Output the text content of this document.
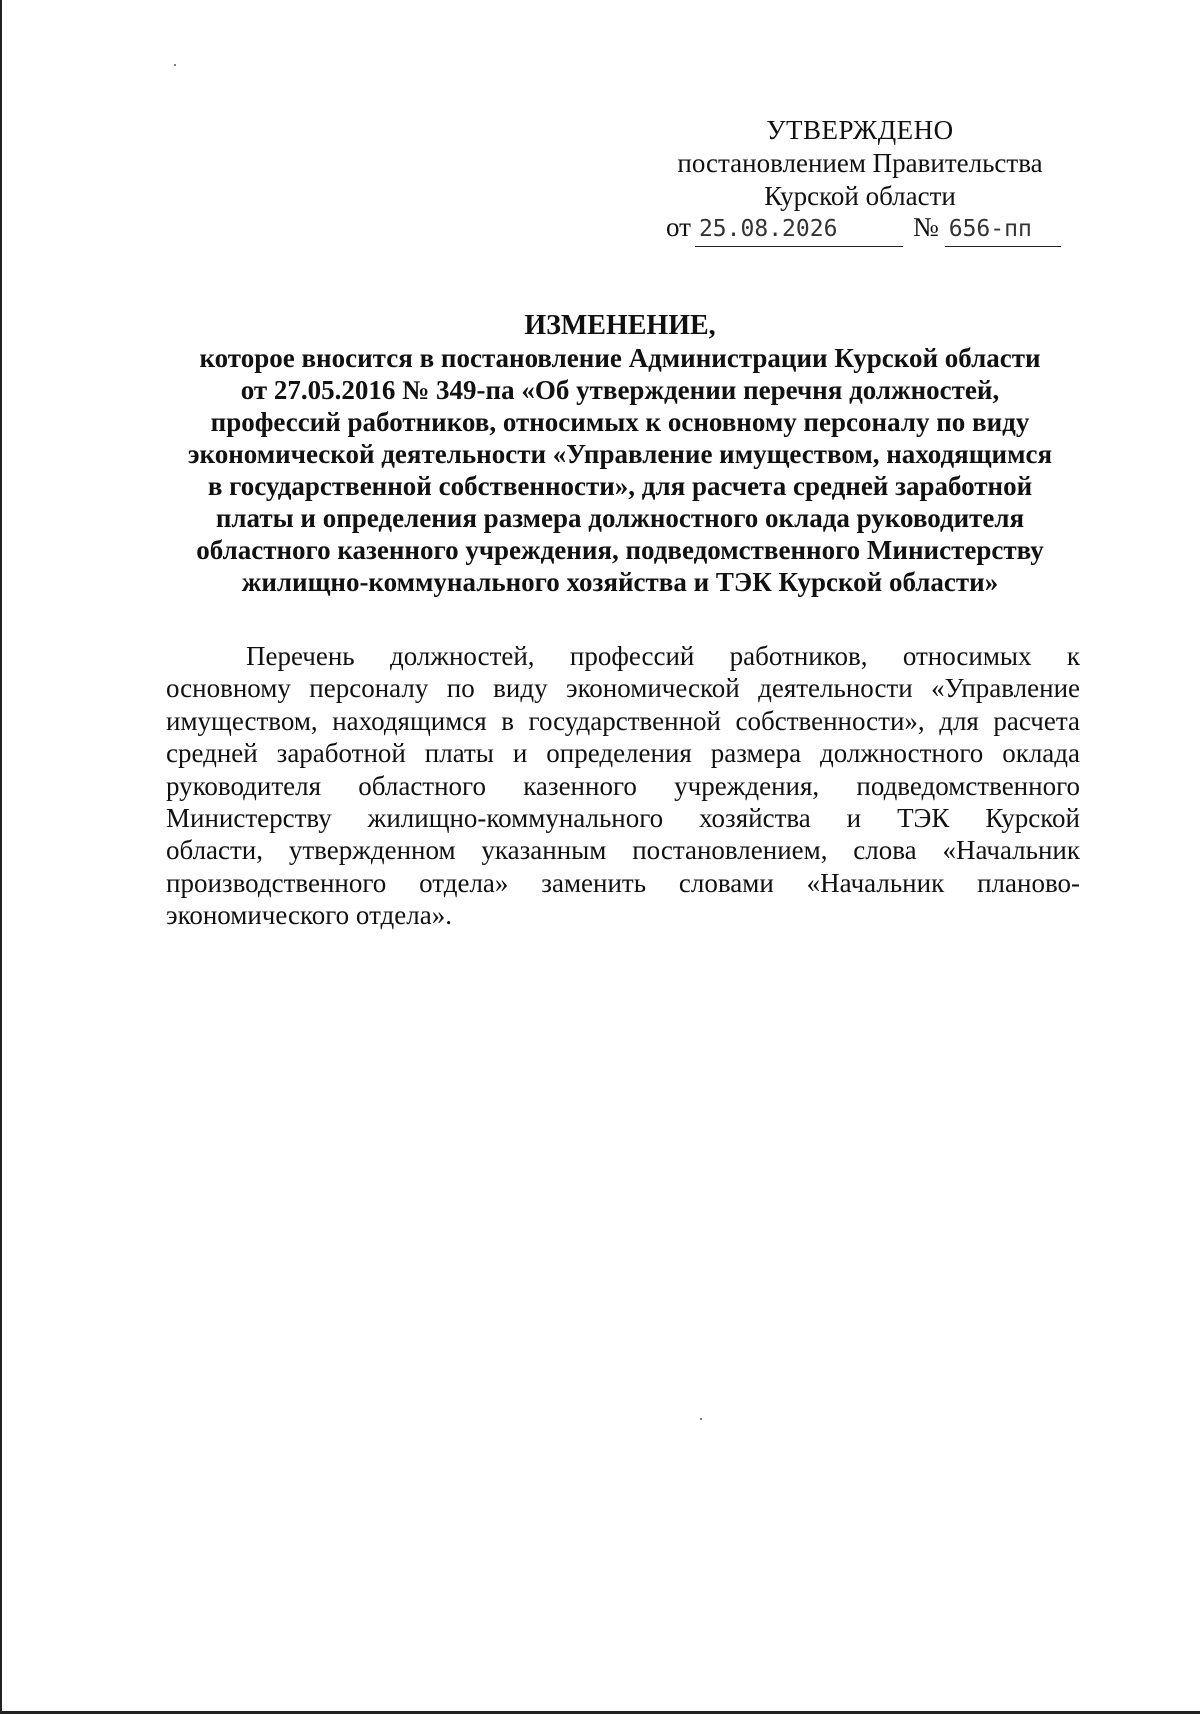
УТВЕРЖДЕНО
постановлением Правительства
Курской области
от 25.08.2026	№ 656-пп
ИЗМЕНЕНИЕ,
которое вносится в постановление Администрации Курской области
от 27.05.2016 № 349-па «Об утверждении перечня должностей,
профессий работников, относимых к основному персоналу по виду
экономической деятельности «Управление имуществом, находящимся
в государственной собственности», для расчета средней заработной
платы и определения размера должностного оклада руководителя
областного казенного учреждения, подведомственного Министерству
жилищно-коммунального хозяйства и ТЭК Курской области»
Перечень должностей, профессий работников, относимых к
основному персоналу по виду экономической деятельности «Управление
имуществом, находящимся в государственной собственности», для расчета
средней заработной платы и определения размера должностного оклада
руководителя областного казенного учреждения, подведомственного
Министерству жилищно-коммунального хозяйства и ТЭК Курской
области, утвержденном указанным постановлением, слова «Начальник
производственного отдела» заменить словами «Начальник планово-
экономического отдела».
